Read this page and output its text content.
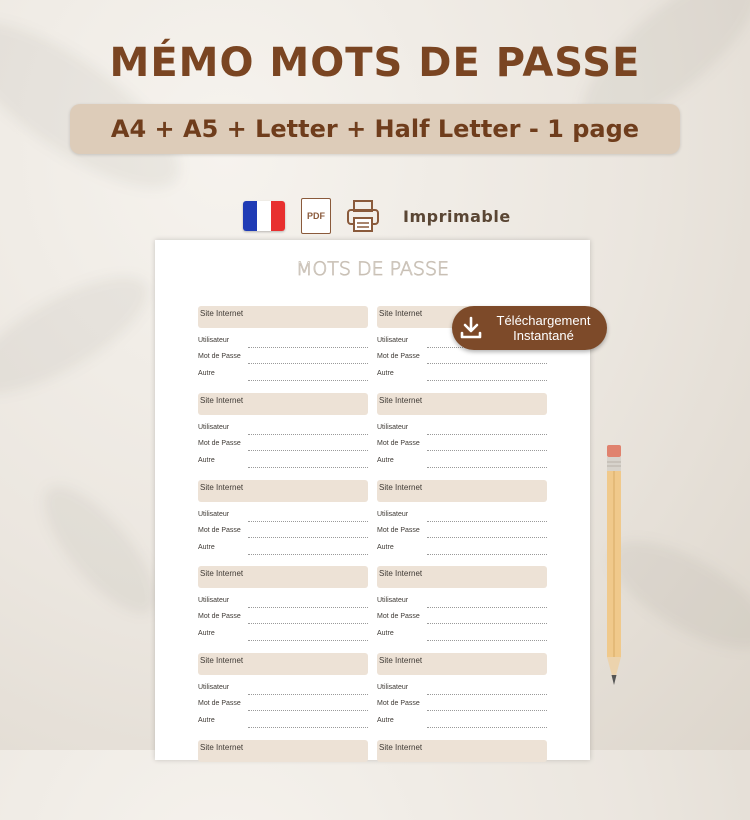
MÉMO MOTS DE PASSE
A4 + A5 + Letter + Half Letter - 1 page
PDF	Imprimable
MOTS DE PASSE
Site Internet
Utilisateur
Mot de Passe
Autre
Site Internet
Utilisateur
Mot de Passe
Autre
Site Internet
Utilisateur
Mot de Passe
Autre
Site Internet
Utilisateur
Mot de Passe
Autre
Site Internet
Utilisateur
Mot de Passe
Autre
Site Internet
Utilisateur
Mot de Passe
Autre
Site Internet
Utilisateur
Mot de Passe
Autre
Site Internet
Utilisateur
Mot de Passe
Autre
Site Internet
Utilisateur
Mot de Passe
Autre
Site Internet
Utilisateur
Mot de Passe
Autre
Site Internet	Site Internet
Téléchargement
Instantané
